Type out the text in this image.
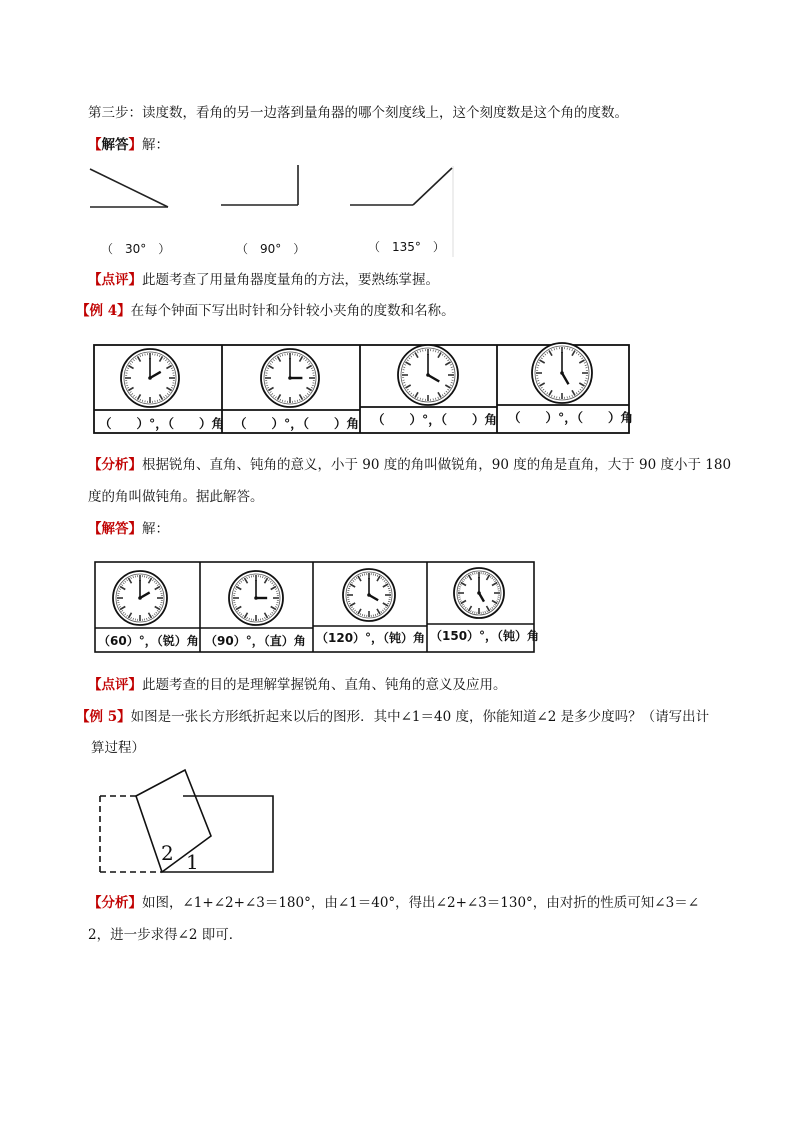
第三步：读度数，看角的另一边落到量角器的哪个刻度线上，这个刻度数是这个角的度数。
【解答】解：
（　30°　）	（　90°　）	（　135°　）
【点评】此题考查了用量角器度量角的方法，要熟练掌握。
【例 4】在每个钟面下写出时针和分针较小夹角的度数和名称。
（　　）°，（　　）角 （　　）°，（　　）角 （　　）°，（　　）角 （　　）°，（　　）角
【分析】根据锐角、直角、钝角的意义，小于 90 度的角叫做锐角，90 度的角是直角，大于 90 度小于 180
度的角叫做钝角。据此解答。
【解答】解：
（60）°，（锐）角 （90）°，（直）角 （120）°，（钝）角 （150）°，（钝）角
【点评】此题考查的目的是理解掌握锐角、直角、钝角的意义及应用。
【例 5】如图是一张长方形纸折起来以后的图形．其中∠1＝40 度，你能知道∠2 是多少度吗？（请写出计
算过程）
2 1
【分析】如图，∠1+∠2+∠3＝180°，由∠1＝40°，得出∠2+∠3＝130°，由对折的性质可知∠3＝∠
2，进一步求得∠2 即可．
